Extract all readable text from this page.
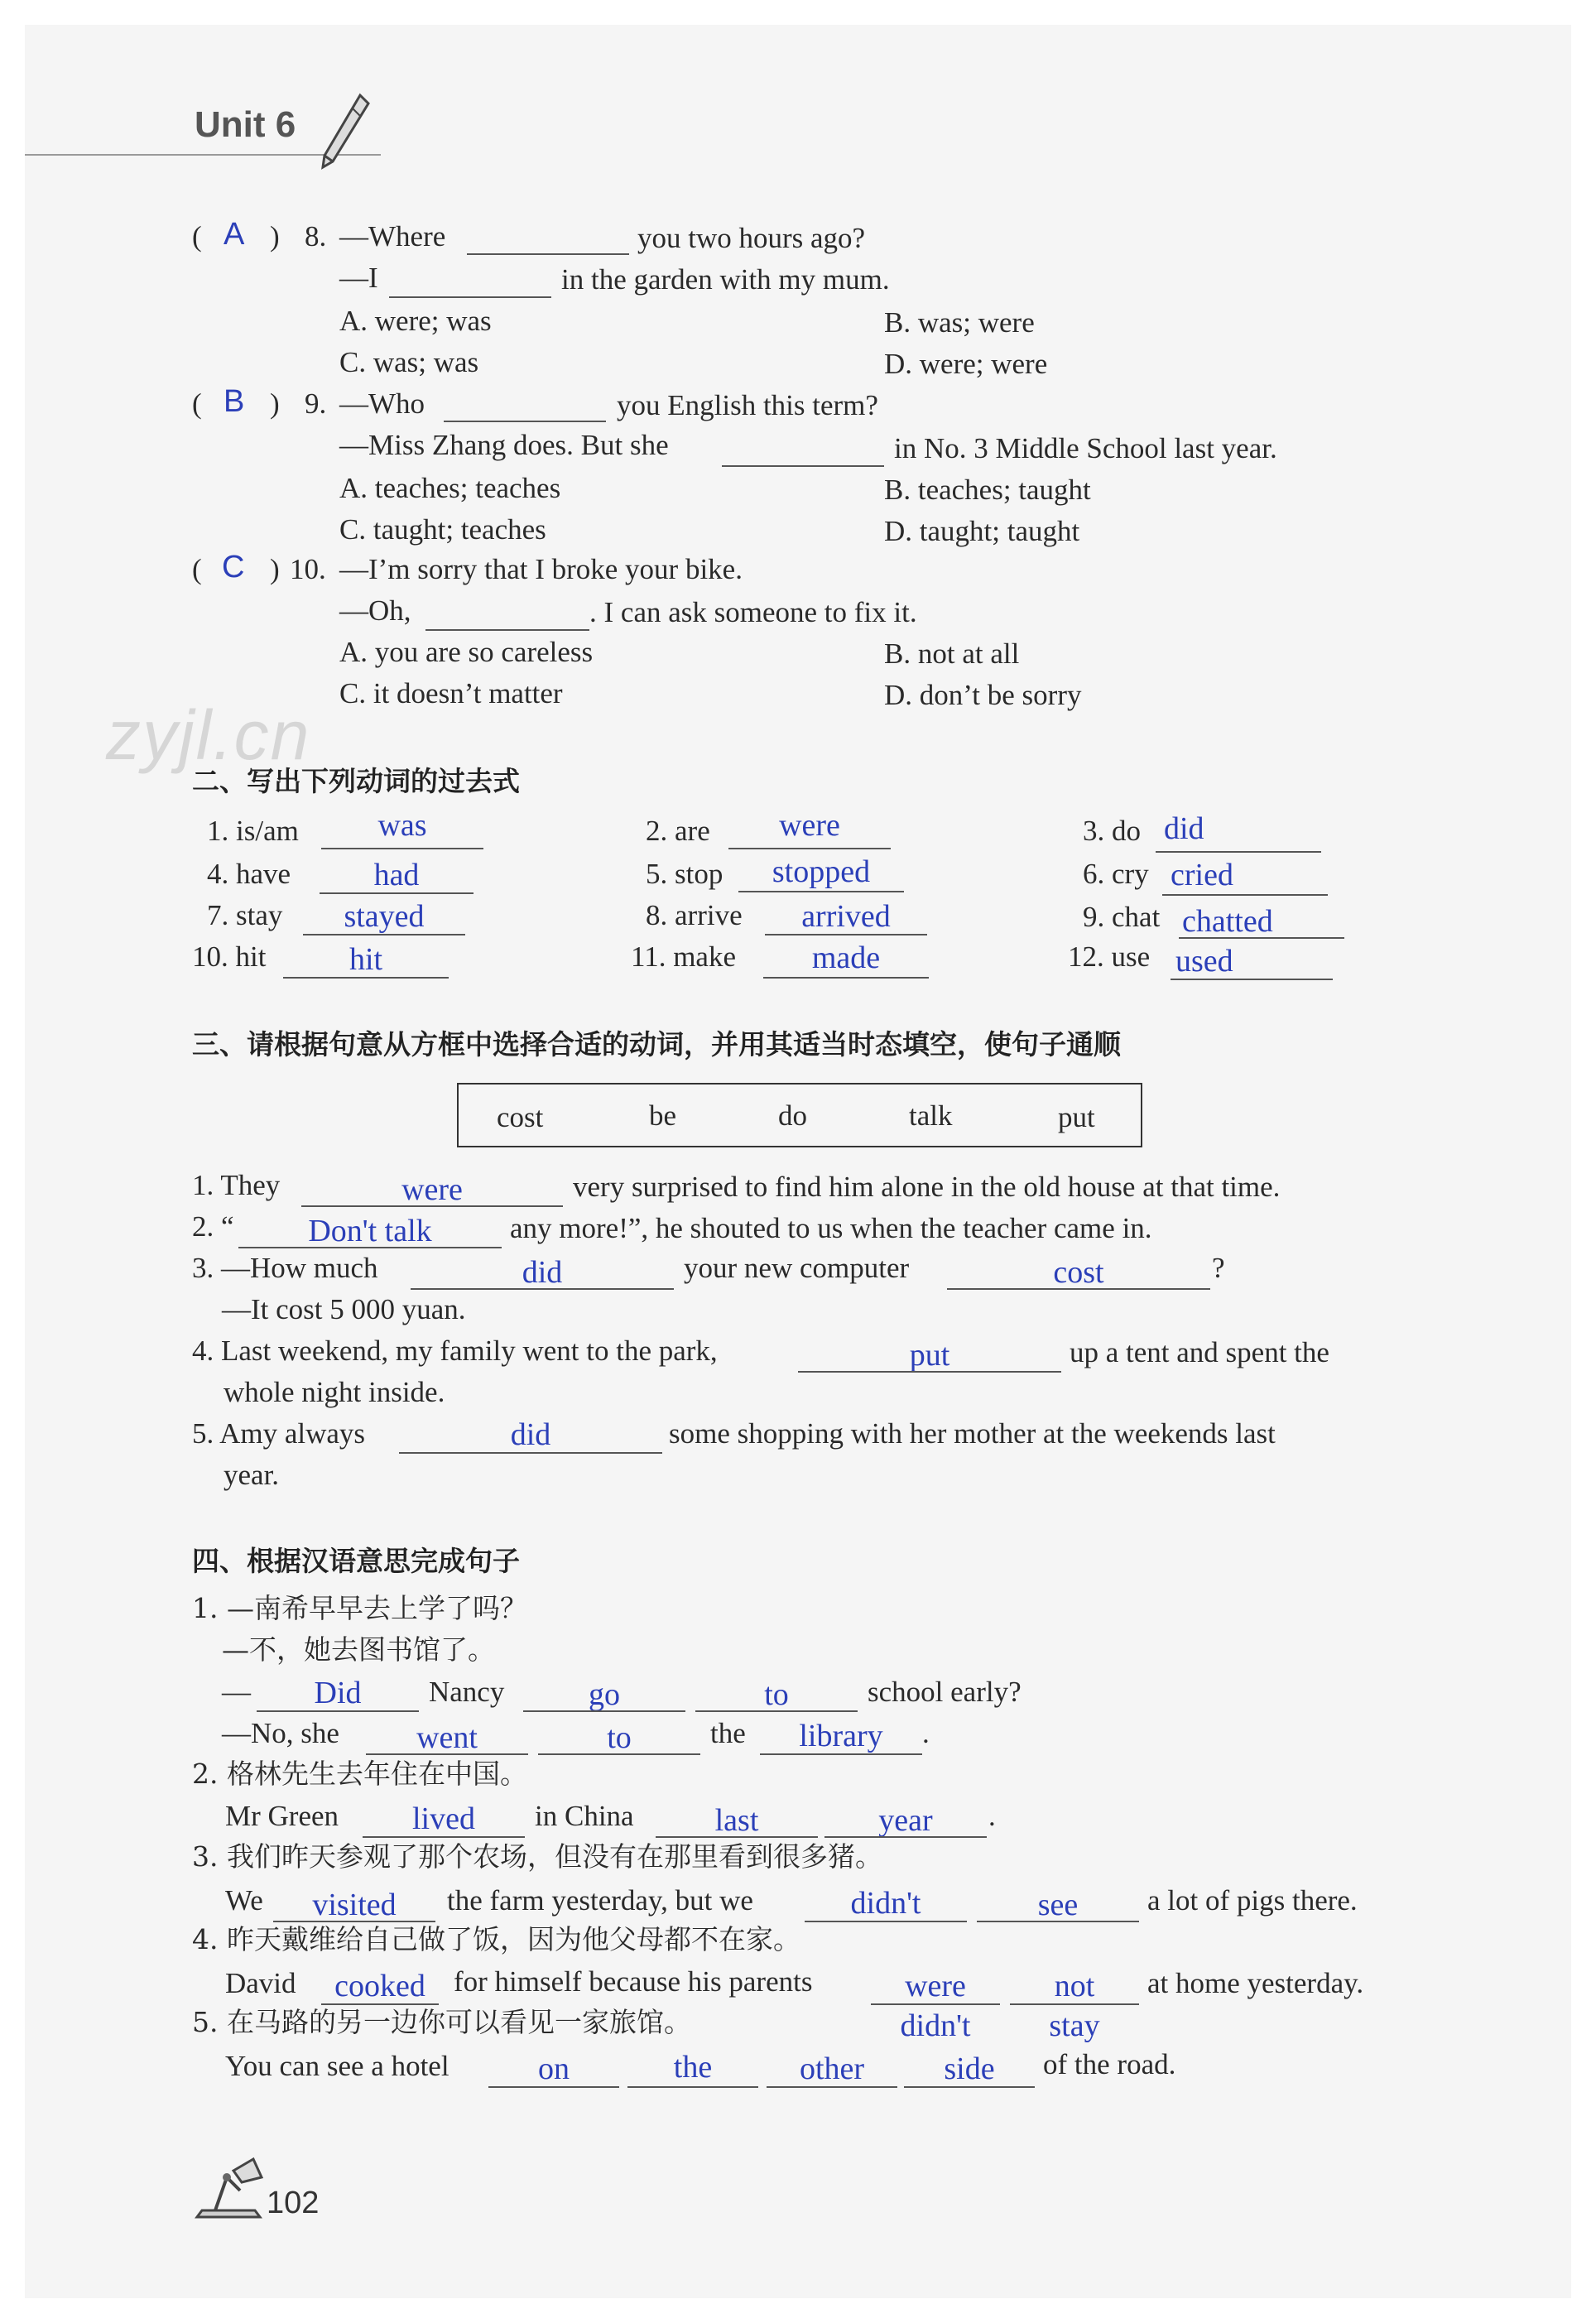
Unit 6
zyjl.cn
( A ) 8. —Where	you two hours ago?
—I	in the garden with my mum.
A. were; was	B. was; were
C. was; was	D. were; were
( B ) 9. —Who	you English this term?
—Miss Zhang does. But she	in No. 3 Middle School last year.
A. teaches; teaches	B. teaches; taught
C. taught; teaches	D. taught; taught
( C ) 10. —I’m sorry that I broke your bike.
—Oh,	. I can ask someone to fix it.
A. you are so careless	B. not at all
C. it doesn’t matter	D. don’t be sorry
二、写出下列动词的过去式
1. is/am	was	2. are	were	3. do did
4. have	had	5. stop	stopped	6. cry cried
7. stay	stayed	8. arrive	arrived	9. chat chatted
10. hit	hit	11. make	made	12. use used
三、请根据句意从方框中选择合适的动词，并用其适当时态填空，使句子通顺
cost	be	do	talk	put
1. They	were	very surprised to find him alone in the old house at that time.
2. “	Don't talk	any more!”, he shouted to us when the teacher came in.
3. —How much	did	your new computer	cost	?
—It cost 5 000 yuan.
4. Last weekend, my family went to the park,	put	up a tent and spent the
whole night inside.
5. Amy always	did	some shopping with her mother at the weekends last
year.
四、根据汉语意思完成句子
1. —南希早早去上学了吗？
—不，她去图书馆了。
—	Did	Nancy	go	to	school early?
—No, she	went	to	the	library	.
2. 格林先生去年住在中国。
Mr Green	lived	in China	last	year	.
3. 我们昨天参观了那个农场，但没有在那里看到很多猪。
We	visited	the farm yesterday, but we	didn't	see	a lot of pigs there.
4. 昨天戴维给自己做了饭，因为他父母都不在家。
David	cooked for himself because his parents	were	not	at home yesterday.
didn't	stay
5. 在马路的另一边你可以看见一家旅馆。
You can see a hotel	on	the	other	side	of the road.
102
